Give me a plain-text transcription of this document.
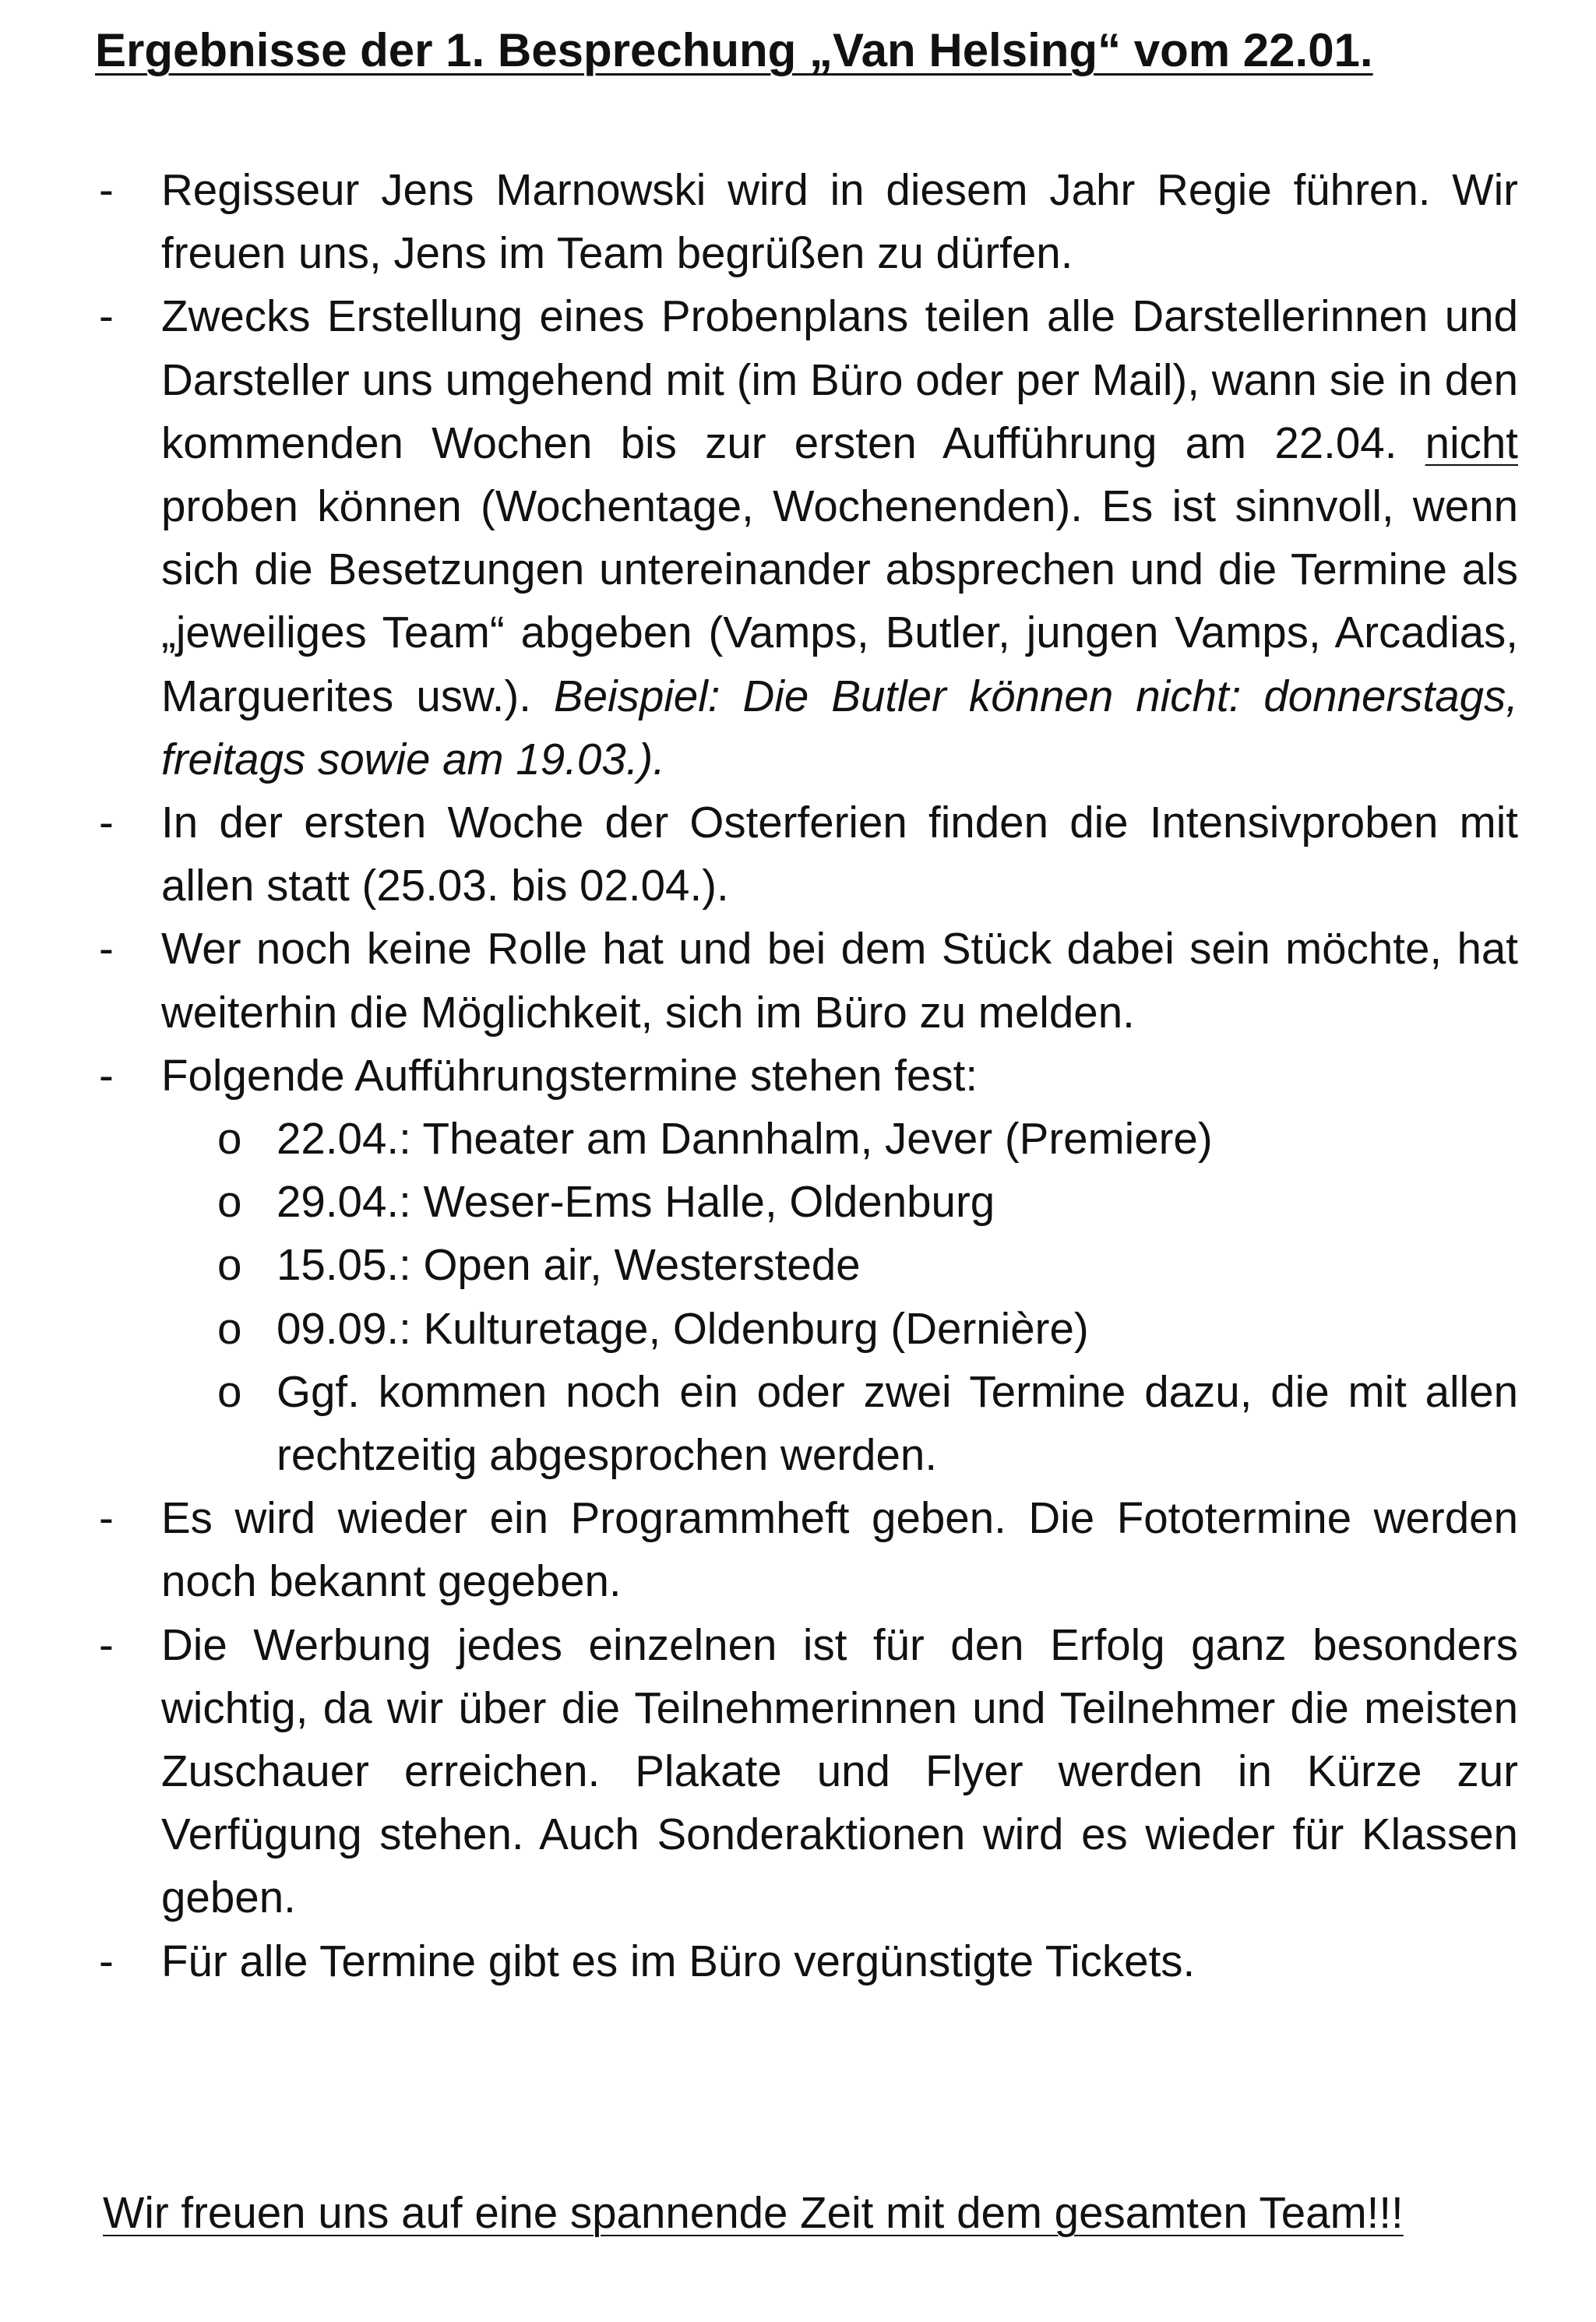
Ergebnisse der 1. Besprechung „Van Helsing“ vom 22.01.
- Regisseur Jens Marnowski wird in diesem Jahr Regie führen. Wir freuen uns, Jens im Team begrüßen zu dürfen.
- Zwecks Erstellung eines Probenplans teilen alle Darstellerinnen und Darsteller uns umgehend mit (im Büro oder per Mail), wann sie in den kommenden Wochen bis zur ersten Aufführung am 22.04. nicht proben können (Wochentage, Wochenenden). Es ist sinnvoll, wenn sich die Besetzungen untereinander absprechen und die Termine als „jeweiliges Team“ abgeben (Vamps, Butler, jungen Vamps, Arcadias, Marguerites usw.). Beispiel: Die Butler können nicht: donnerstags, freitags sowie am 19.03.).
- In der ersten Woche der Osterferien finden die Intensivproben mit allen statt (25.03. bis 02.04.).
- Wer noch keine Rolle hat und bei dem Stück dabei sein möchte, hat weiterhin die Möglichkeit, sich im Büro zu melden.
- Folgende Aufführungstermine stehen fest:
o 22.04.: Theater am Dannhalm, Jever (Premiere)
o 29.04.: Weser-Ems Halle, Oldenburg
o 15.05.: Open air, Westerstede
o 09.09.: Kulturetage, Oldenburg (Dernière)
o Ggf. kommen noch ein oder zwei Termine dazu, die mit allen rechtzeitig abgesprochen werden.
- Es wird wieder ein Programmheft geben. Die Fototermine werden noch bekannt gegeben.
- Die Werbung jedes einzelnen ist für den Erfolg ganz besonders wichtig, da wir über die Teilnehmerinnen und Teilnehmer die meisten Zuschauer erreichen. Plakate und Flyer werden in Kürze zur Verfügung stehen. Auch Sonderaktionen wird es wieder für Klassen geben.
- Für alle Termine gibt es im Büro vergünstigte Tickets.

Wir freuen uns auf eine spannende Zeit mit dem gesamten Team!!!
